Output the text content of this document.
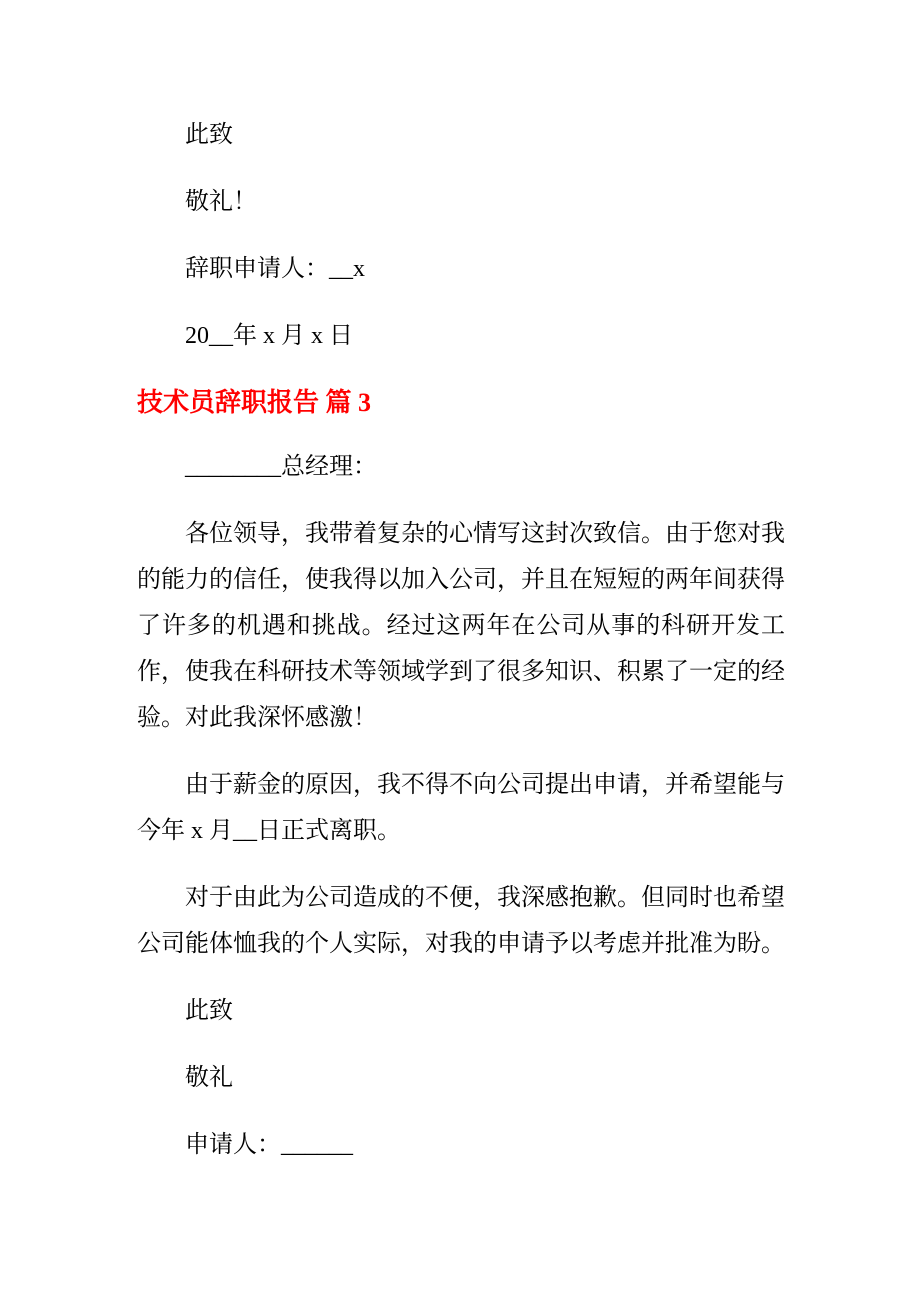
此致

敬礼！

辞职申请人：__x

20__年 x 月 x 日

技术员辞职报告 篇 3

________总经理：

各位领导，我带着复杂的心情写这封次致信。由于您对我的能力的信任，使我得以加入公司，并且在短短的两年间获得了许多的机遇和挑战。经过这两年在公司从事的科研开发工作，使我在科研技术等领域学到了很多知识、积累了一定的经验。对此我深怀感激！

由于薪金的原因，我不得不向公司提出申请，并希望能与今年 x 月__日正式离职。

对于由此为公司造成的不便，我深感抱歉。但同时也希望公司能体恤我的个人实际，对我的申请予以考虑并批准为盼。

此致

敬礼

申请人：______
